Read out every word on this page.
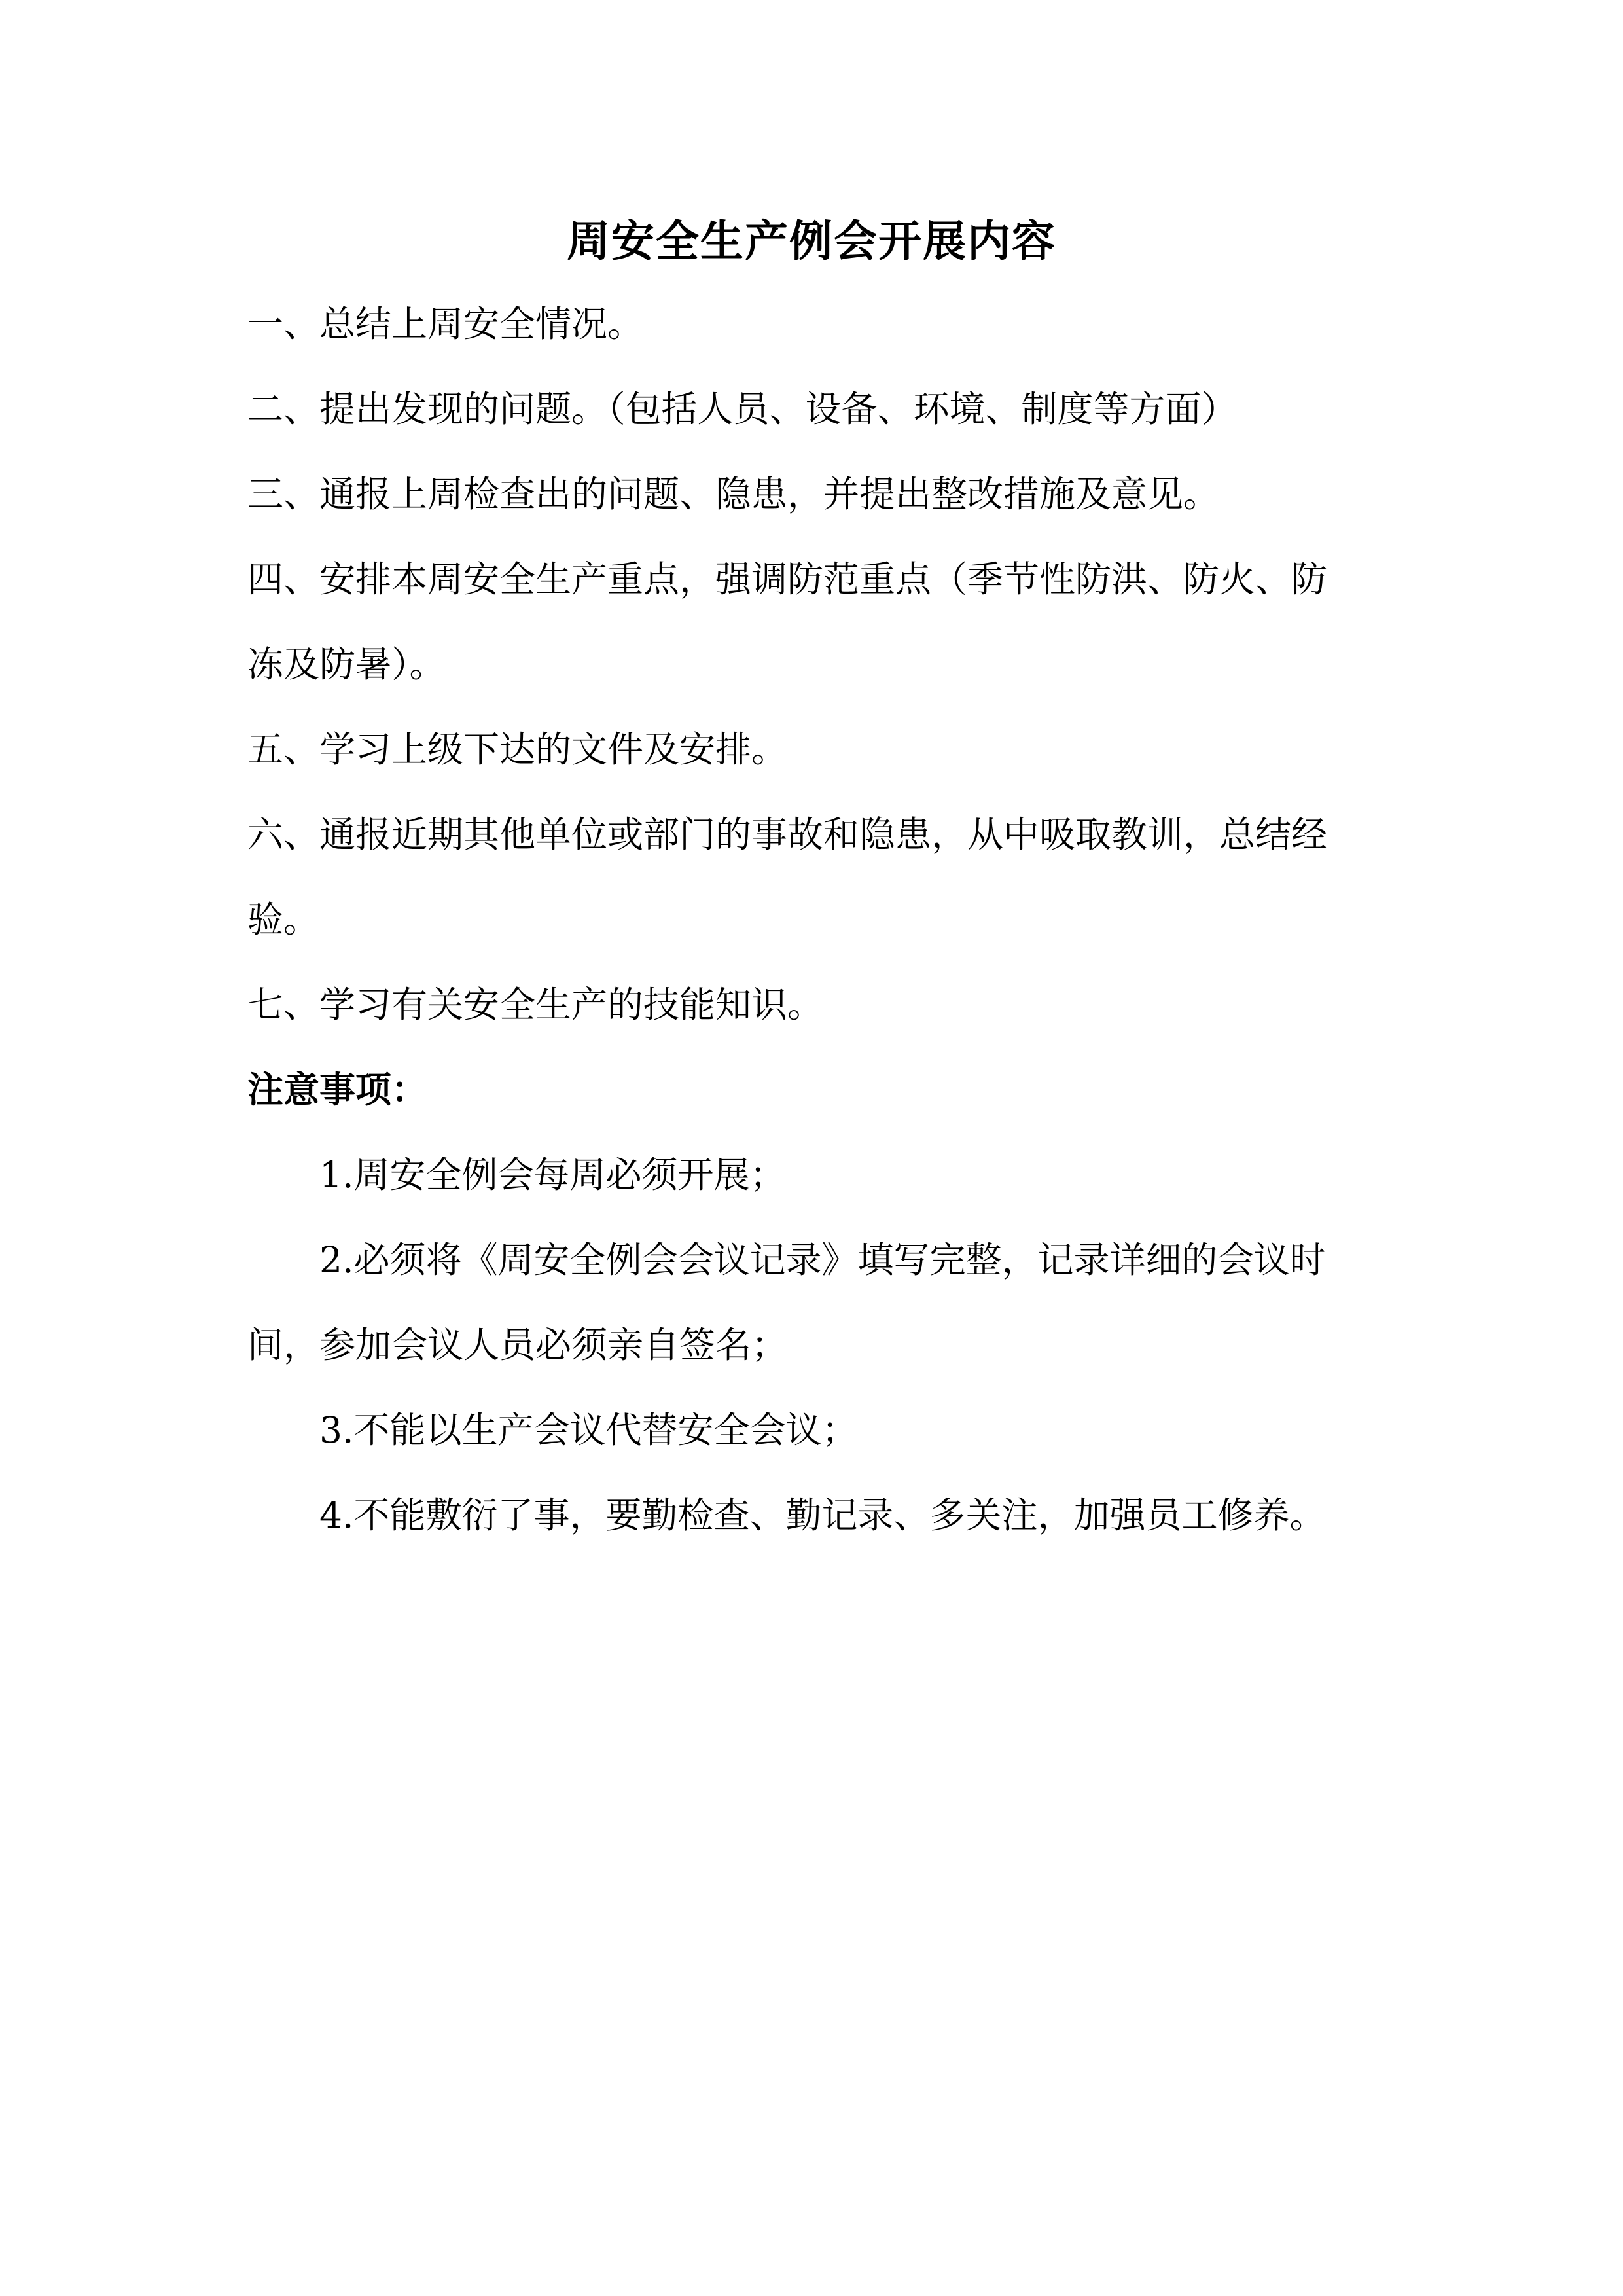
周安全生产例会开展内容
一、总结上周安全情况。
二、提出发现的问题。（包括人员、设备、环境、制度等方面）
三、通报上周检查出的问题、隐患，并提出整改措施及意见。
四、安排本周安全生产重点，强调防范重点（季节性防洪、防火、防
冻及防暑）。
五、学习上级下达的文件及安排。
六、通报近期其他单位或部门的事故和隐患，从中吸取教训，总结经
验。
七、学习有关安全生产的技能知识。
注意事项：
1.周安全例会每周必须开展；
2.必须将《周安全例会会议记录》填写完整，记录详细的会议时
间，参加会议人员必须亲自签名；
3.不能以生产会议代替安全会议；
4.不能敷衍了事，要勤检查、勤记录、多关注，加强员工修养。
